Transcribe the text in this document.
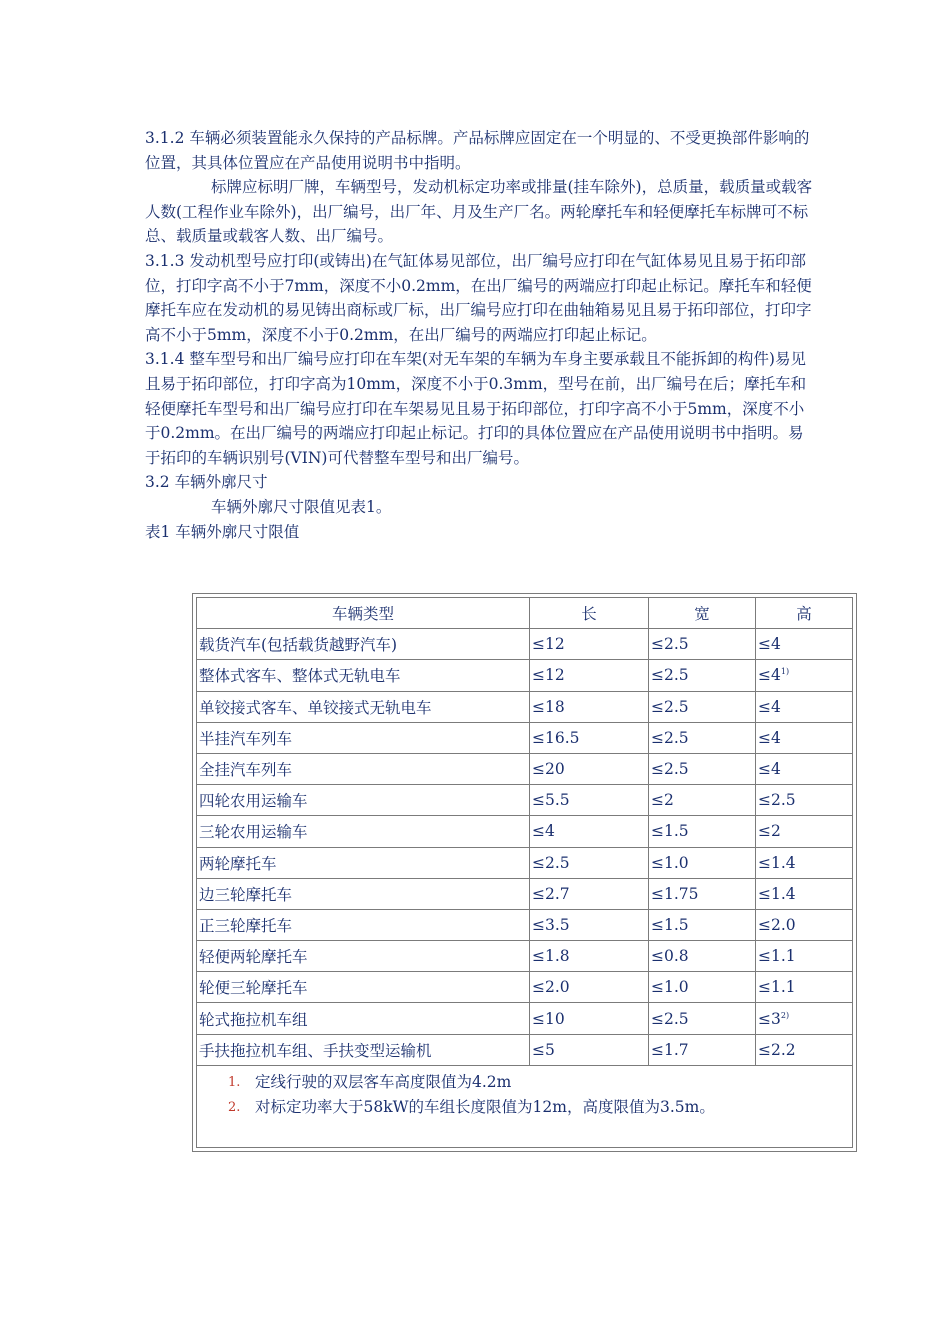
3.1.2 车辆必须装置能永久保持的产品标牌。产品标牌应固定在一个明显的、不受更换部件影响的位置，其具体位置应在产品使用说明书中指明。

标牌应标明厂牌，车辆型号，发动机标定功率或排量(挂车除外)，总质量，载质量或载客人数(工程作业车除外)，出厂编号，出厂年、月及生产厂名。两轮摩托车和轻便摩托车标牌可不标总、载质量或载客人数、出厂编号。

3.1.3 发动机型号应打印(或铸出)在气缸体易见部位，出厂编号应打印在气缸体易见且易于拓印部位，打印字高不小于7mm，深度不小0.2mm，在出厂编号的两端应打印起止标记。摩托车和轻便摩托车应在发动机的易见铸出商标或厂标，出厂编号应打印在曲轴箱易见且易于拓印部位，打印字高不小于5mm，深度不小于0.2mm，在出厂编号的两端应打印起止标记。

3.1.4 整车型号和出厂编号应打印在车架(对无车架的车辆为车身主要承载且不能拆卸的构件)易见且易于拓印部位，打印字高为10mm，深度不小于0.3mm，型号在前，出厂编号在后；摩托车和轻便摩托车型号和出厂编号应打印在车架易见且易于拓印部位，打印字高不小于5mm，深度不小于0.2mm。在出厂编号的两端应打印起止标记。打印的具体位置应在产品使用说明书中指明。易于拓印的车辆识别号(VIN)可代替整车型号和出厂编号。

3.2 车辆外廓尺寸

车辆外廓尺寸限值见表1。

表1 车辆外廓尺寸限值

车辆类型	长	宽	高
载货汽车(包括载货越野汽车)	≤12	≤2.5	≤4
整体式客车、整体式无轨电车	≤12	≤2.5	$\le 4^{1)}$
单铰接式客车、单铰接式无轨电车	≤18	≤2.5	≤4
半挂汽车列车	≤16.5	≤2.5	≤4
全挂汽车列车	≤20	≤2.5	≤4
四轮农用运输车	≤5.5	≤2	≤2.5
三轮农用运输车	≤4	≤1.5	≤2
两轮摩托车	≤2.5	≤1.0	≤1.4
边三轮摩托车	≤2.7	≤1.75	≤1.4
正三轮摩托车	≤3.5	≤1.5	≤2.0
轻便两轮摩托车	≤1.8	≤0.8	≤1.1
轮便三轮摩托车	≤2.0	≤1.0	≤1.1
轮式拖拉机车组	≤10	≤2.5	$\le 3^{2)}$
手扶拖拉机车组、手扶变型运输机	≤5	≤1.7	≤2.2

1. 定线行驶的双层客车高度限值为4.2m
2. 对标定功率大于58kW的车组长度限值为12m，高度限值为3.5m。			
